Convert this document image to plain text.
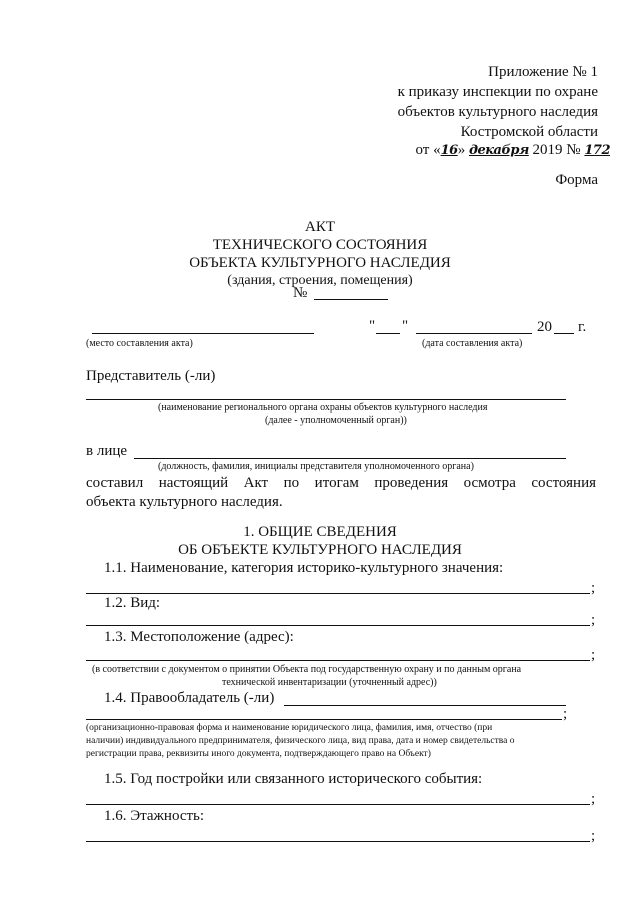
Приложение № 1
к приказу инспекции по охране
объектов культурного наследия
Костромской области
от «16» декабря 2019 № 172
Форма
АКТ
ТЕХНИЧЕСКОГО СОСТОЯНИЯ
ОБЪЕКТА КУЛЬТУРНОГО НАСЛЕДИЯ
(здания, строения, помещения)
№
" "	20 г.
(место составления акта)	(дата составления акта)
Представитель (-ли)
(наименование регионального органа охраны объектов культурного наследия
(далее - уполномоченный орган))
в лице
(должность, фамилия, инициалы представителя уполномоченного органа)
составил настоящий Акт по итогам проведения осмотра состояния
объекта культурного наследия.
1. ОБЩИЕ СВЕДЕНИЯ
ОБ ОБЪЕКТЕ КУЛЬТУРНОГО НАСЛЕДИЯ
1.1. Наименование, категория историко-культурного значения:
;
1.2. Вид:
;
1.3. Местоположение (адрес):
;
(в соответствии с документом о принятии Объекта под государственную охрану и по данным органа
технической инвентаризации (уточненный адрес))
1.4. Правообладатель (-ли)
;
(организационно-правовая форма и наименование юридического лица, фамилия, имя, отчество (при
наличии) индивидуального предпринимателя, физического лица, вид права, дата и номер свидетельства о
регистрации права, реквизиты иного документа, подтверждающего право на Объект)
1.5. Год постройки или связанного исторического события:
;
1.6. Этажность:
;
